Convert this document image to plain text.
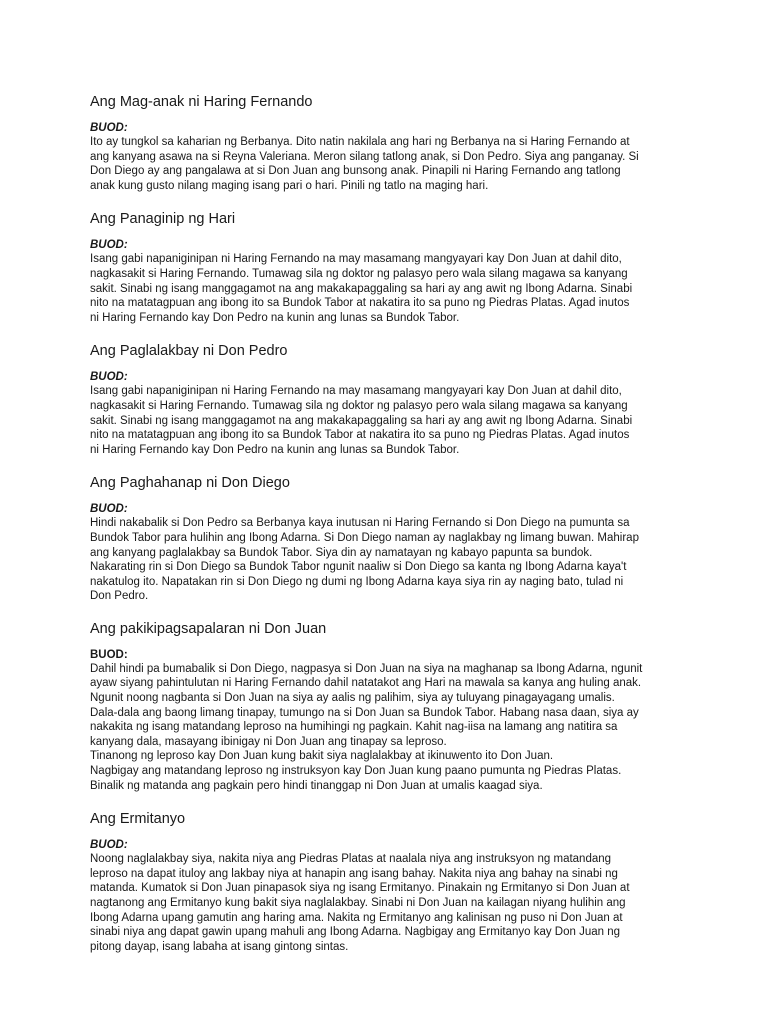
Ang Mag-anak ni Haring Fernando

BUOD:

Ito ay tungkol sa kaharian ng Berbanya. Dito natin nakilala ang hari ng Berbanya na si Haring Fernando at
ang kanyang asawa na si Reyna Valeriana. Meron silang tatlong anak, si Don Pedro. Siya ang panganay. Si
Don Diego ay ang pangalawa at si Don Juan ang bunsong anak. Pinapili ni Haring Fernando ang tatlong
anak kung gusto nilang maging isang pari o hari. Pinili ng tatlo na maging hari.

Ang Panaginip ng Hari

BUOD:

Isang gabi napaniginipan ni Haring Fernando na may masamang mangyayari kay Don Juan at dahil dito,
nagkasakit si Haring Fernando. Tumawag sila ng doktor ng palasyo pero wala silang magawa sa kanyang
sakit. Sinabi ng isang manggagamot na ang makakapaggaling sa hari ay ang awit ng Ibong Adarna. Sinabi
nito na matatagpuan ang ibong ito sa Bundok Tabor at nakatira ito sa puno ng Piedras Platas. Agad inutos
ni Haring Fernando kay Don Pedro na kunin ang lunas sa Bundok Tabor.

Ang Paglalakbay ni Don Pedro

BUOD:

Isang gabi napaniginipan ni Haring Fernando na may masamang mangyayari kay Don Juan at dahil dito,
nagkasakit si Haring Fernando. Tumawag sila ng doktor ng palasyo pero wala silang magawa sa kanyang
sakit. Sinabi ng isang manggagamot na ang makakapaggaling sa hari ay ang awit ng Ibong Adarna. Sinabi
nito na matatagpuan ang ibong ito sa Bundok Tabor at nakatira ito sa puno ng Piedras Platas. Agad inutos
ni Haring Fernando kay Don Pedro na kunin ang lunas sa Bundok Tabor.

Ang Paghahanap ni Don Diego

BUOD:

Hindi nakabalik si Don Pedro sa Berbanya kaya inutusan ni Haring Fernando si Don Diego na pumunta sa
Bundok Tabor para hulihin ang Ibong Adarna. Si Don Diego naman ay naglakbay ng limang buwan. Mahirap
ang kanyang paglalakbay sa Bundok Tabor. Siya din ay namatayan ng kabayo papunta sa bundok.
Nakarating rin si Don Diego sa Bundok Tabor ngunit naaliw si Don Diego sa kanta ng Ibong Adarna kaya't
nakatulog ito. Napatakan rin si Don Diego ng dumi ng Ibong Adarna kaya siya rin ay naging bato, tulad ni
Don Pedro.

Ang pakikipagsapalaran ni Don Juan

BUOD:

Dahil hindi pa bumabalik si Don Diego, nagpasya si Don Juan na siya na maghanap sa Ibong Adarna, ngunit
ayaw siyang pahintulutan ni Haring Fernando dahil natatakot ang Hari na mawala sa kanya ang huling anak.
Ngunit noong nagbanta si Don Juan na siya ay aalis ng palihim, siya ay tuluyang pinagayagang umalis.
Dala-dala ang baong limang tinapay, tumungo na si Don Juan sa Bundok Tabor. Habang nasa daan, siya ay
nakakita ng isang matandang leproso na humihingi ng pagkain. Kahit nag-iisa na lamang ang natitira sa
kanyang dala, masayang ibinigay ni Don Juan ang tinapay sa leproso.
Tinanong ng leproso kay Don Juan kung bakit siya naglalakbay at ikinuwento ito Don Juan.
Nagbigay ang matandang leproso ng instruksyon kay Don Juan kung paano pumunta ng Piedras Platas.
Binalik ng matanda ang pagkain pero hindi tinanggap ni Don Juan at umalis kaagad siya.

Ang Ermitanyo

BUOD:

Noong naglalakbay siya, nakita niya ang Piedras Platas at naalala niya ang instruksyon ng matandang
leproso na dapat ituloy ang lakbay niya at hanapin ang isang bahay. Nakita niya ang bahay na sinabi ng
matanda. Kumatok si Don Juan pinapasok siya ng isang Ermitanyo. Pinakain ng Ermitanyo si Don Juan at
nagtanong ang Ermitanyo kung bakit siya naglalakbay. Sinabi ni Don Juan na kailagan niyang hulihin ang
Ibong Adarna upang gamutin ang haring ama. Nakita ng Ermitanyo ang kalinisan ng puso ni Don Juan at
sinabi niya ang dapat gawin upang mahuli ang Ibong Adarna. Nagbigay ang Ermitanyo kay Don Juan ng
pitong dayap, isang labaha at isang gintong sintas.
